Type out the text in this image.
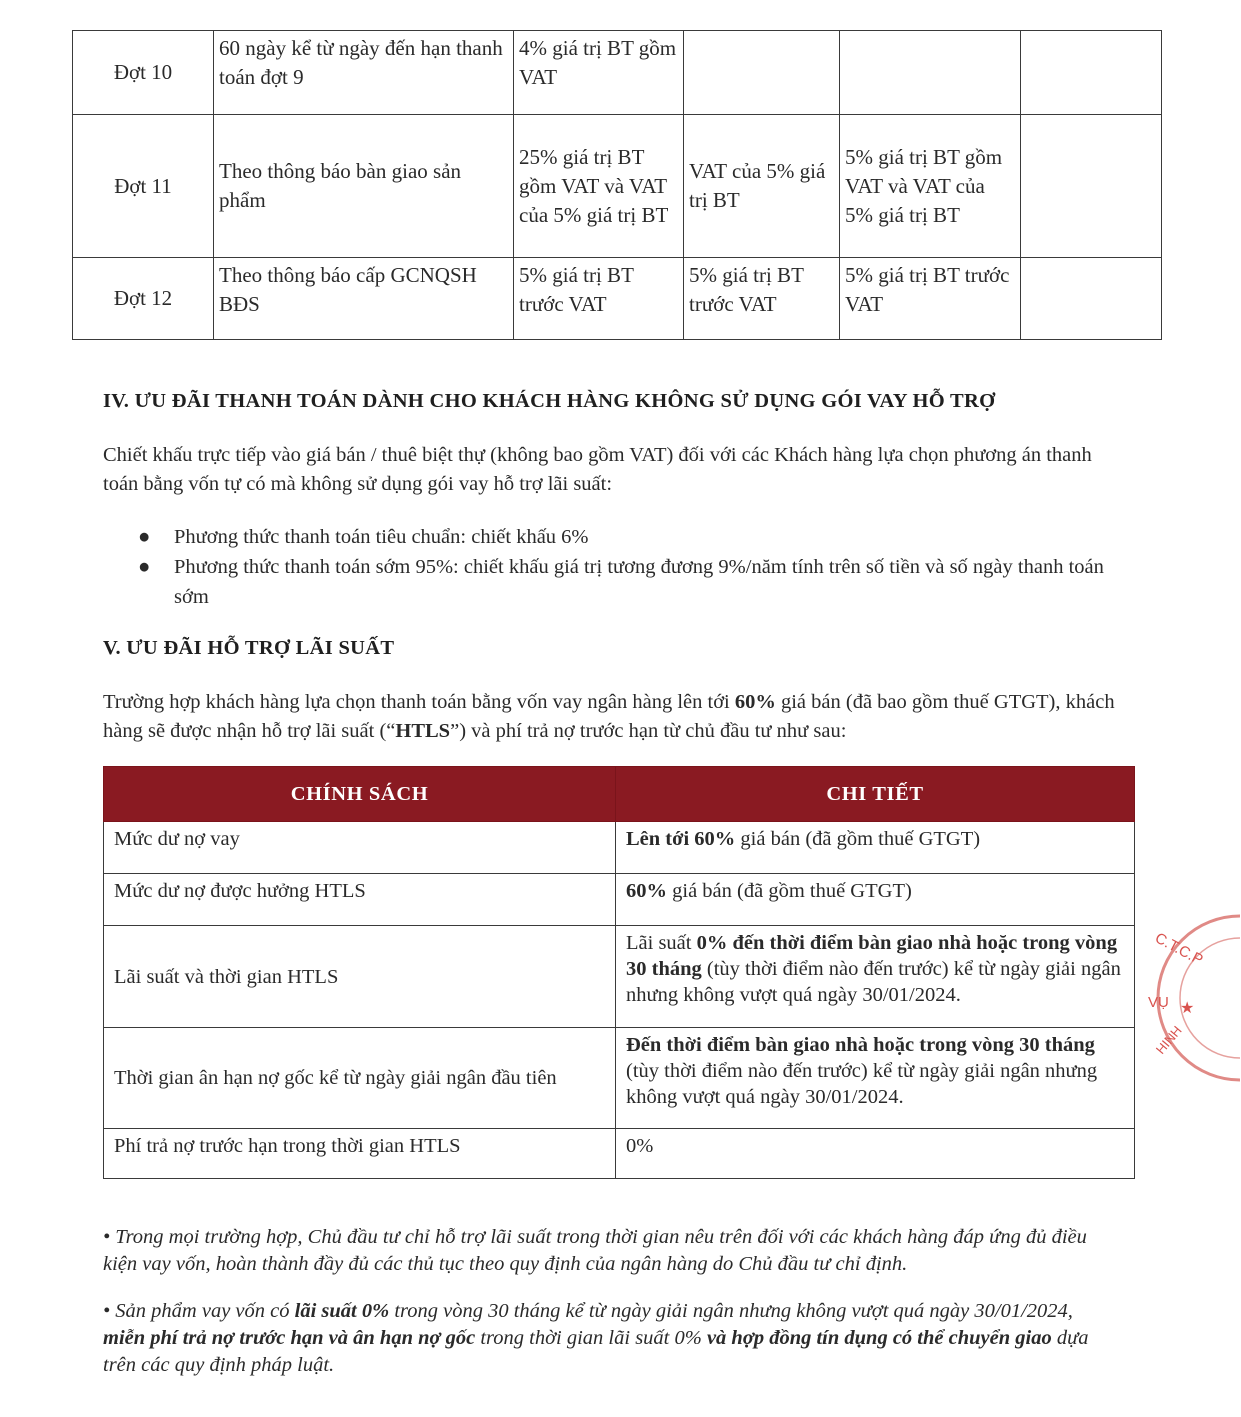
Đợt 10	60 ngày kể từ ngày đến hạn thanh toán đợt 9	4% giá trị BT gồm VAT			
Đợt 11	Theo thông báo bàn giao sản phẩm	25% giá trị BT gồm VAT và VAT của 5% giá trị BT	VAT của 5% giá trị BT	5% giá trị BT gồm VAT và VAT của 5% giá trị BT	
Đợt 12	Theo thông báo cấp GCNQSH BĐS	5% giá trị BT trước VAT	5% giá trị BT trước VAT	5% giá trị BT trước VAT	
IV. ƯU ĐÃI THANH TOÁN DÀNH CHO KHÁCH HÀNG KHÔNG SỬ DỤNG GÓI VAY HỖ TRỢ
Chiết khấu trực tiếp vào giá bán / thuê biệt thự (không bao gồm VAT) đối với các Khách hàng lựa chọn phương án thanh toán bằng vốn tự có mà không sử dụng gói vay hỗ trợ lãi suất:
●	Phương thức thanh toán tiêu chuẩn: chiết khấu 6%
●	Phương thức thanh toán sớm 95%: chiết khấu giá trị tương đương 9%/năm tính trên số tiền và số ngày thanh toán sớm
V. ƯU ĐÃI HỖ TRỢ LÃI SUẤT
Trường hợp khách hàng lựa chọn thanh toán bằng vốn vay ngân hàng lên tới 60% giá bán (đã bao gồm thuế GTGT), khách hàng sẽ được nhận hỗ trợ lãi suất (“HTLS”) và phí trả nợ trước hạn từ chủ đầu tư như sau:
CHÍNH SÁCH	CHI TIẾT
Mức dư nợ vay	Lên tới 60% giá bán (đã gồm thuế GTGT)
Mức dư nợ được hưởng HTLS	60% giá bán (đã gồm thuế GTGT)
Lãi suất và thời gian HTLS	Lãi suất 0% đến thời điểm bàn giao nhà hoặc trong vòng 30 tháng (tùy thời điểm nào đến trước) kể từ ngày giải ngân nhưng không vượt quá ngày 30/01/2024.
Thời gian ân hạn nợ gốc kể từ ngày giải ngân đầu tiên	Đến thời điểm bàn giao nhà hoặc trong vòng 30 tháng (tùy thời điểm nào đến trước) kể từ ngày giải ngân nhưng không vượt quá ngày 30/01/2024.
Phí trả nợ trước hạn trong thời gian HTLS	0%
• Trong mọi trường hợp, Chủ đầu tư chỉ hỗ trợ lãi suất trong thời gian nêu trên đối với các khách hàng đáp ứng đủ điều kiện vay vốn, hoàn thành đầy đủ các thủ tục theo quy định của ngân hàng do Chủ đầu tư chỉ định.
• Sản phẩm vay vốn có lãi suất 0% trong vòng 30 tháng kể từ ngày giải ngân nhưng không vượt quá ngày 30/01/2024, miễn phí trả nợ trước hạn và ân hạn nợ gốc trong thời gian lãi suất 0% và hợp đồng tín dụng có thể chuyển giao dựa trên các quy định pháp luật.
C.T.C.P
VỤ ★
HINH
